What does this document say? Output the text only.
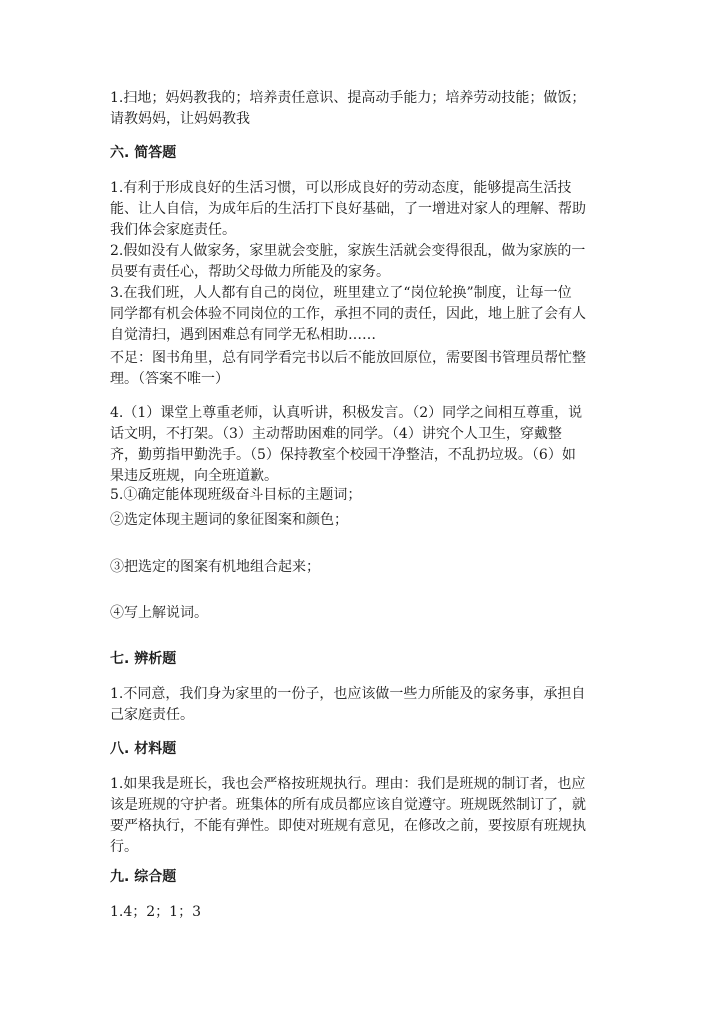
1.扫地；妈妈教我的；培养责任意识、提高动手能力；培养劳动技能；做饭；
请教妈妈，让妈妈教我
六. 简答题
1.有利于形成良好的生活习惯，可以形成良好的劳动态度，能够提高生活技
能、让人自信，为成年后的生活打下良好基础，了一增进对家人的理解、帮助
我们体会家庭责任。
2.假如没有人做家务，家里就会变脏，家族生活就会变得很乱，做为家族的一
员要有责任心，帮助父母做力所能及的家务。
3.在我们班，人人都有自己的岗位，班里建立了“岗位轮换”制度，让每一位
同学都有机会体验不同岗位的工作，承担不同的责任，因此，地上脏了会有人
自觉清扫，遇到困难总有同学无私相助……
不足：图书角里，总有同学看完书以后不能放回原位，需要图书管理员帮忙整
理。（答案不唯一）
4.（1）课堂上尊重老师，认真听讲，积极发言。（2）同学之间相互尊重，说
话文明，不打架。（3）主动帮助困难的同学。（4）讲究个人卫生，穿戴整
齐，勤剪指甲勤洗手。（5）保持教室个校园干净整洁，不乱扔垃圾。（6）如
果违反班规，向全班道歉。
5.①确定能体现班级奋斗目标的主题词；
②选定体现主题词的象征图案和颜色；
③把选定的图案有机地组合起来；
④写上解说词。
七. 辨析题
1.不同意，我们身为家里的一份子，也应该做一些力所能及的家务事，承担自
己家庭责任。
八. 材料题
1.如果我是班长，我也会严格按班规执行。理由：我们是班规的制订者，也应
该是班规的守护者。班集体的所有成员都应该自觉遵守。班规既然制订了，就
要严格执行，不能有弹性。即使对班规有意见，在修改之前，要按原有班规执
行。
九. 综合题
1.4；2；1；3
